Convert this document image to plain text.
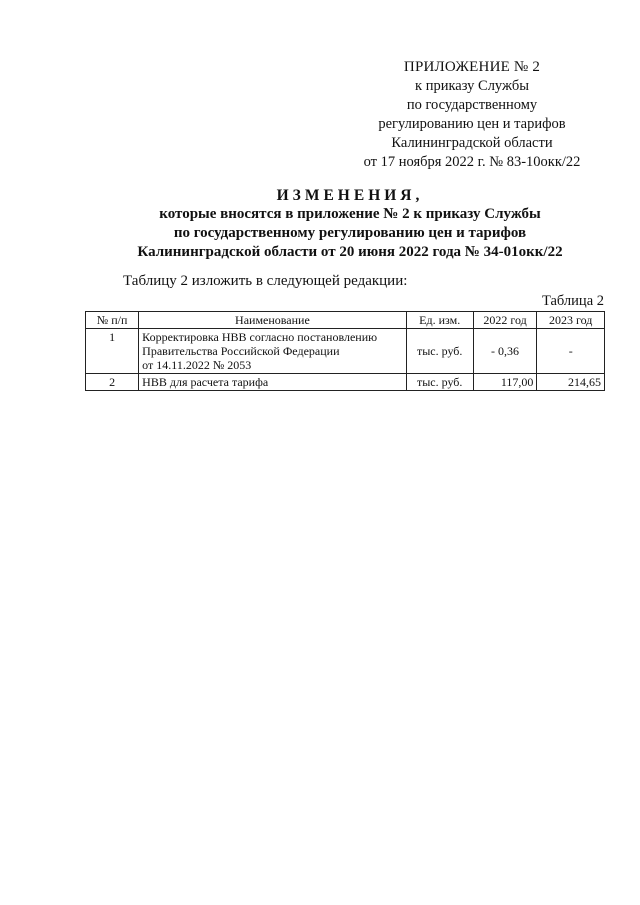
ПРИЛОЖЕНИЕ № 2
к приказу Службы
по государственному
регулированию цен и тарифов
Калининградской области
от 17 ноября 2022 г. № 83-10окк/22
ИЗМЕНЕНИЯ,
которые вносятся в приложение № 2 к приказу Службы
по государственному регулированию цен и тарифов
Калининградской области от 20 июня 2022 года № 34-01окк/22
Таблицу 2 изложить в следующей редакции:
Таблица 2
№ п/п	Наименование	Ед. изм.	2022 год	2023 год
1	Корректировка НВВ согласно постановлению
Правительства Российской Федерации
от 14.11.2022 № 2053	тыс. руб.	- 0,36	-
2	НВВ для расчета тарифа	тыс. руб.	117,00	214,65
